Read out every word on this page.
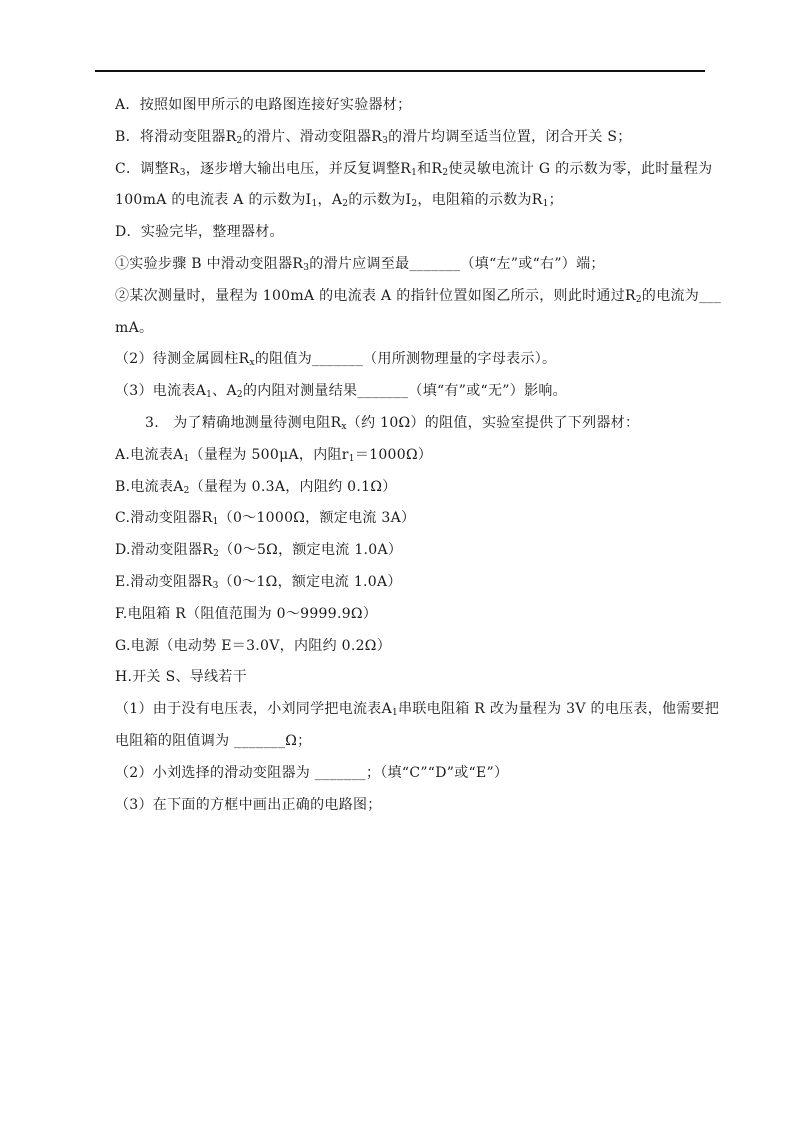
A．按照如图甲所示的电路图连接好实验器材；
B．将滑动变阻器$R_2$的滑片、滑动变阻器$R_3$的滑片均调至适当位置，闭合开关 S；
C．调整$R_3$，逐步增大输出电压，并反复调整$R_1$和$R_2$使灵敏电流计 G 的示数为零，此时量程为
100mA 的电流表 A 的示数为$I_1$，$A_2$的示数为$I_2$，电阻箱的示数为$R_1$；
D．实验完毕，整理器材。
①实验步骤 B 中滑动变阻器$R_3$的滑片应调至最_______（填“左”或“右”）端；
②某次测量时，量程为 100mA 的电流表 A 的指针位置如图乙所示，则此时通过$R_2$的电流为___
mA。
（2）待测金属圆柱$R_x$的阻值为_______（用所测物理量的字母表示）。
（3）电流表$A_1$、$A_2$的内阻对测量结果_______（填“有”或“无”）影响。
3.　为了精确地测量待测电阻$R_x$（约 10Ω）的阻值，实验室提供了下列器材：
A.电流表$A_1$（量程为 500μA，内阻$r_1=1000\Omega$）
B.电流表$A_2$（量程为 0.3A，内阻约 0.1Ω）
C.滑动变阻器$R_1(0\sim 1000\Omega$，额定电流 3A）
D.滑动变阻器$R_2(0\sim 5\Omega$，额定电流 1.0A）
E.滑动变阻器$R_3(0\sim 1\Omega$，额定电流 1.0A）
F.电阻箱 R（阻值范围为 0～9999.9Ω）
G.电源（电动势 E＝3.0V，内阻约 0.2Ω）
H.开关 S、导线若干
（1）由于没有电压表，小刘同学把电流表$A_1$串联电阻箱 R 改为量程为 3V 的电压表，他需要把
电阻箱的阻值调为 _______Ω；
（2）小刘选择的滑动变阻器为 _______；（填“C”“D”或“E”）
（3）在下面的方框中画出正确的电路图；
